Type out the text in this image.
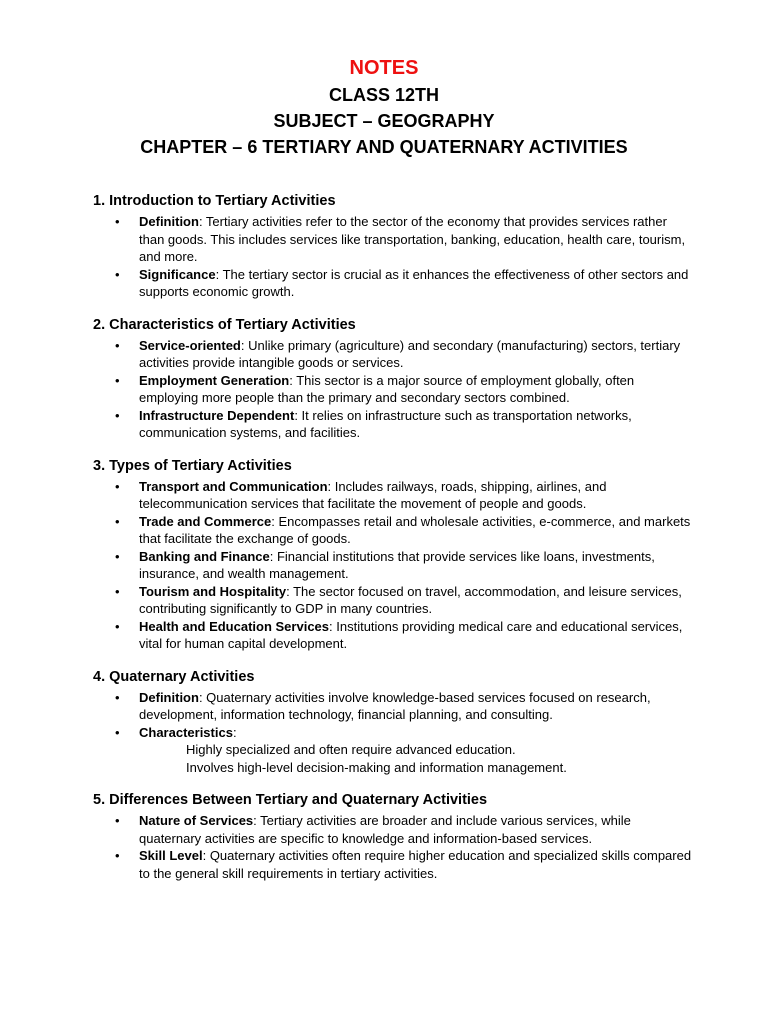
NOTES
CLASS 12TH
SUBJECT – GEOGRAPHY
CHAPTER – 6 TERTIARY AND QUATERNARY ACTIVITIES
1. Introduction to Tertiary Activities
• Definition: Tertiary activities refer to the sector of the economy that provides services rather than goods. This includes services like transportation, banking, education, health care, tourism, and more.
• Significance: The tertiary sector is crucial as it enhances the effectiveness of other sectors and supports economic growth.
2. Characteristics of Tertiary Activities
• Service-oriented: Unlike primary (agriculture) and secondary (manufacturing) sectors, tertiary activities provide intangible goods or services.
• Employment Generation: This sector is a major source of employment globally, often employing more people than the primary and secondary sectors combined.
• Infrastructure Dependent: It relies on infrastructure such as transportation networks, communication systems, and facilities.
3. Types of Tertiary Activities
• Transport and Communication: Includes railways, roads, shipping, airlines, and telecommunication services that facilitate the movement of people and goods.
• Trade and Commerce: Encompasses retail and wholesale activities, e-commerce, and markets that facilitate the exchange of goods.
• Banking and Finance: Financial institutions that provide services like loans, investments, insurance, and wealth management.
• Tourism and Hospitality: The sector focused on travel, accommodation, and leisure services, contributing significantly to GDP in many countries.
• Health and Education Services: Institutions providing medical care and educational services, vital for human capital development.
4. Quaternary Activities
• Definition: Quaternary activities involve knowledge-based services focused on research, development, information technology, financial planning, and consulting.
• Characteristics:
Highly specialized and often require advanced education.
Involves high-level decision-making and information management.
5. Differences Between Tertiary and Quaternary Activities
• Nature of Services: Tertiary activities are broader and include various services, while quaternary activities are specific to knowledge and information-based services.
• Skill Level: Quaternary activities often require higher education and specialized skills compared to the general skill requirements in tertiary activities.
